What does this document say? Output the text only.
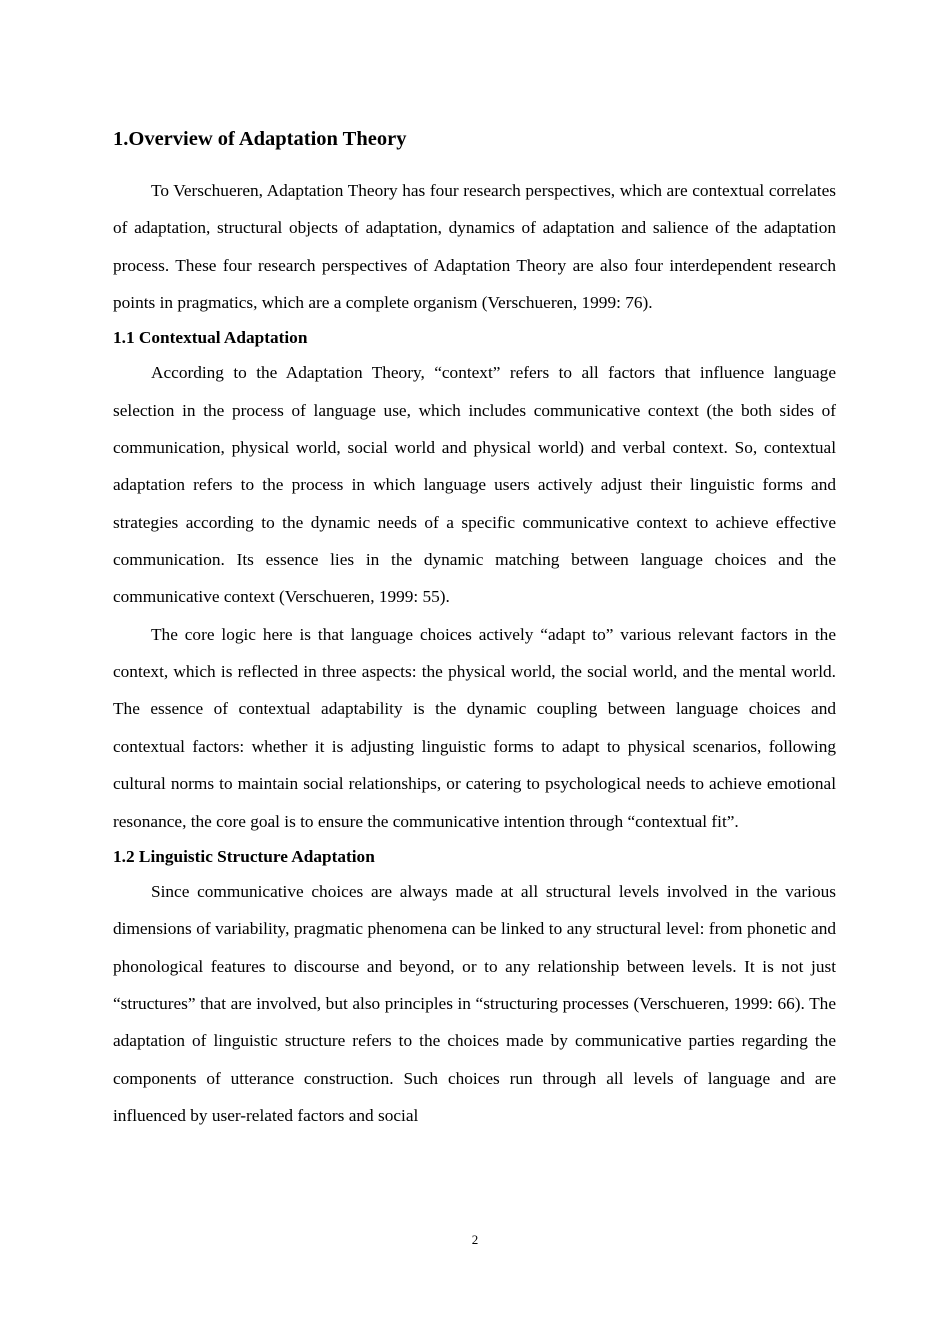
1.Overview of Adaptation Theory

To Verschueren, Adaptation Theory has four research perspectives, which are contextual correlates of adaptation, structural objects of adaptation, dynamics of adaptation and salience of the adaptation process. These four research perspectives of Adaptation Theory are also four interdependent research points in pragmatics, which are a complete organism (Verschueren, 1999: 76).

1.1 Contextual Adaptation

According to the Adaptation Theory, “context” refers to all factors that influence language selection in the process of language use, which includes communicative context (the both sides of communication, physical world, social world and physical world) and verbal context. So, contextual adaptation refers to the process in which language users actively adjust their linguistic forms and strategies according to the dynamic needs of a specific communicative context to achieve effective communication. Its essence lies in the dynamic matching between language choices and the communicative context (Verschueren, 1999: 55).

The core logic here is that language choices actively “adapt to” various relevant factors in the context, which is reflected in three aspects: the physical world, the social world, and the mental world. The essence of contextual adaptability is the dynamic coupling between language choices and contextual factors: whether it is adjusting linguistic forms to adapt to physical scenarios, following cultural norms to maintain social relationships, or catering to psychological needs to achieve emotional resonance, the core goal is to ensure the communicative intention through “contextual fit”.

1.2 Linguistic Structure Adaptation

Since communicative choices are always made at all structural levels involved in the various dimensions of variability, pragmatic phenomena can be linked to any structural level: from phonetic and phonological features to discourse and beyond, or to any relationship between levels. It is not just “structures” that are involved, but also principles in “structuring processes (Verschueren, 1999: 66). The adaptation of linguistic structure refers to the choices made by communicative parties regarding the components of utterance construction. Such choices run through all levels of language and are influenced by user-related factors and social

2
